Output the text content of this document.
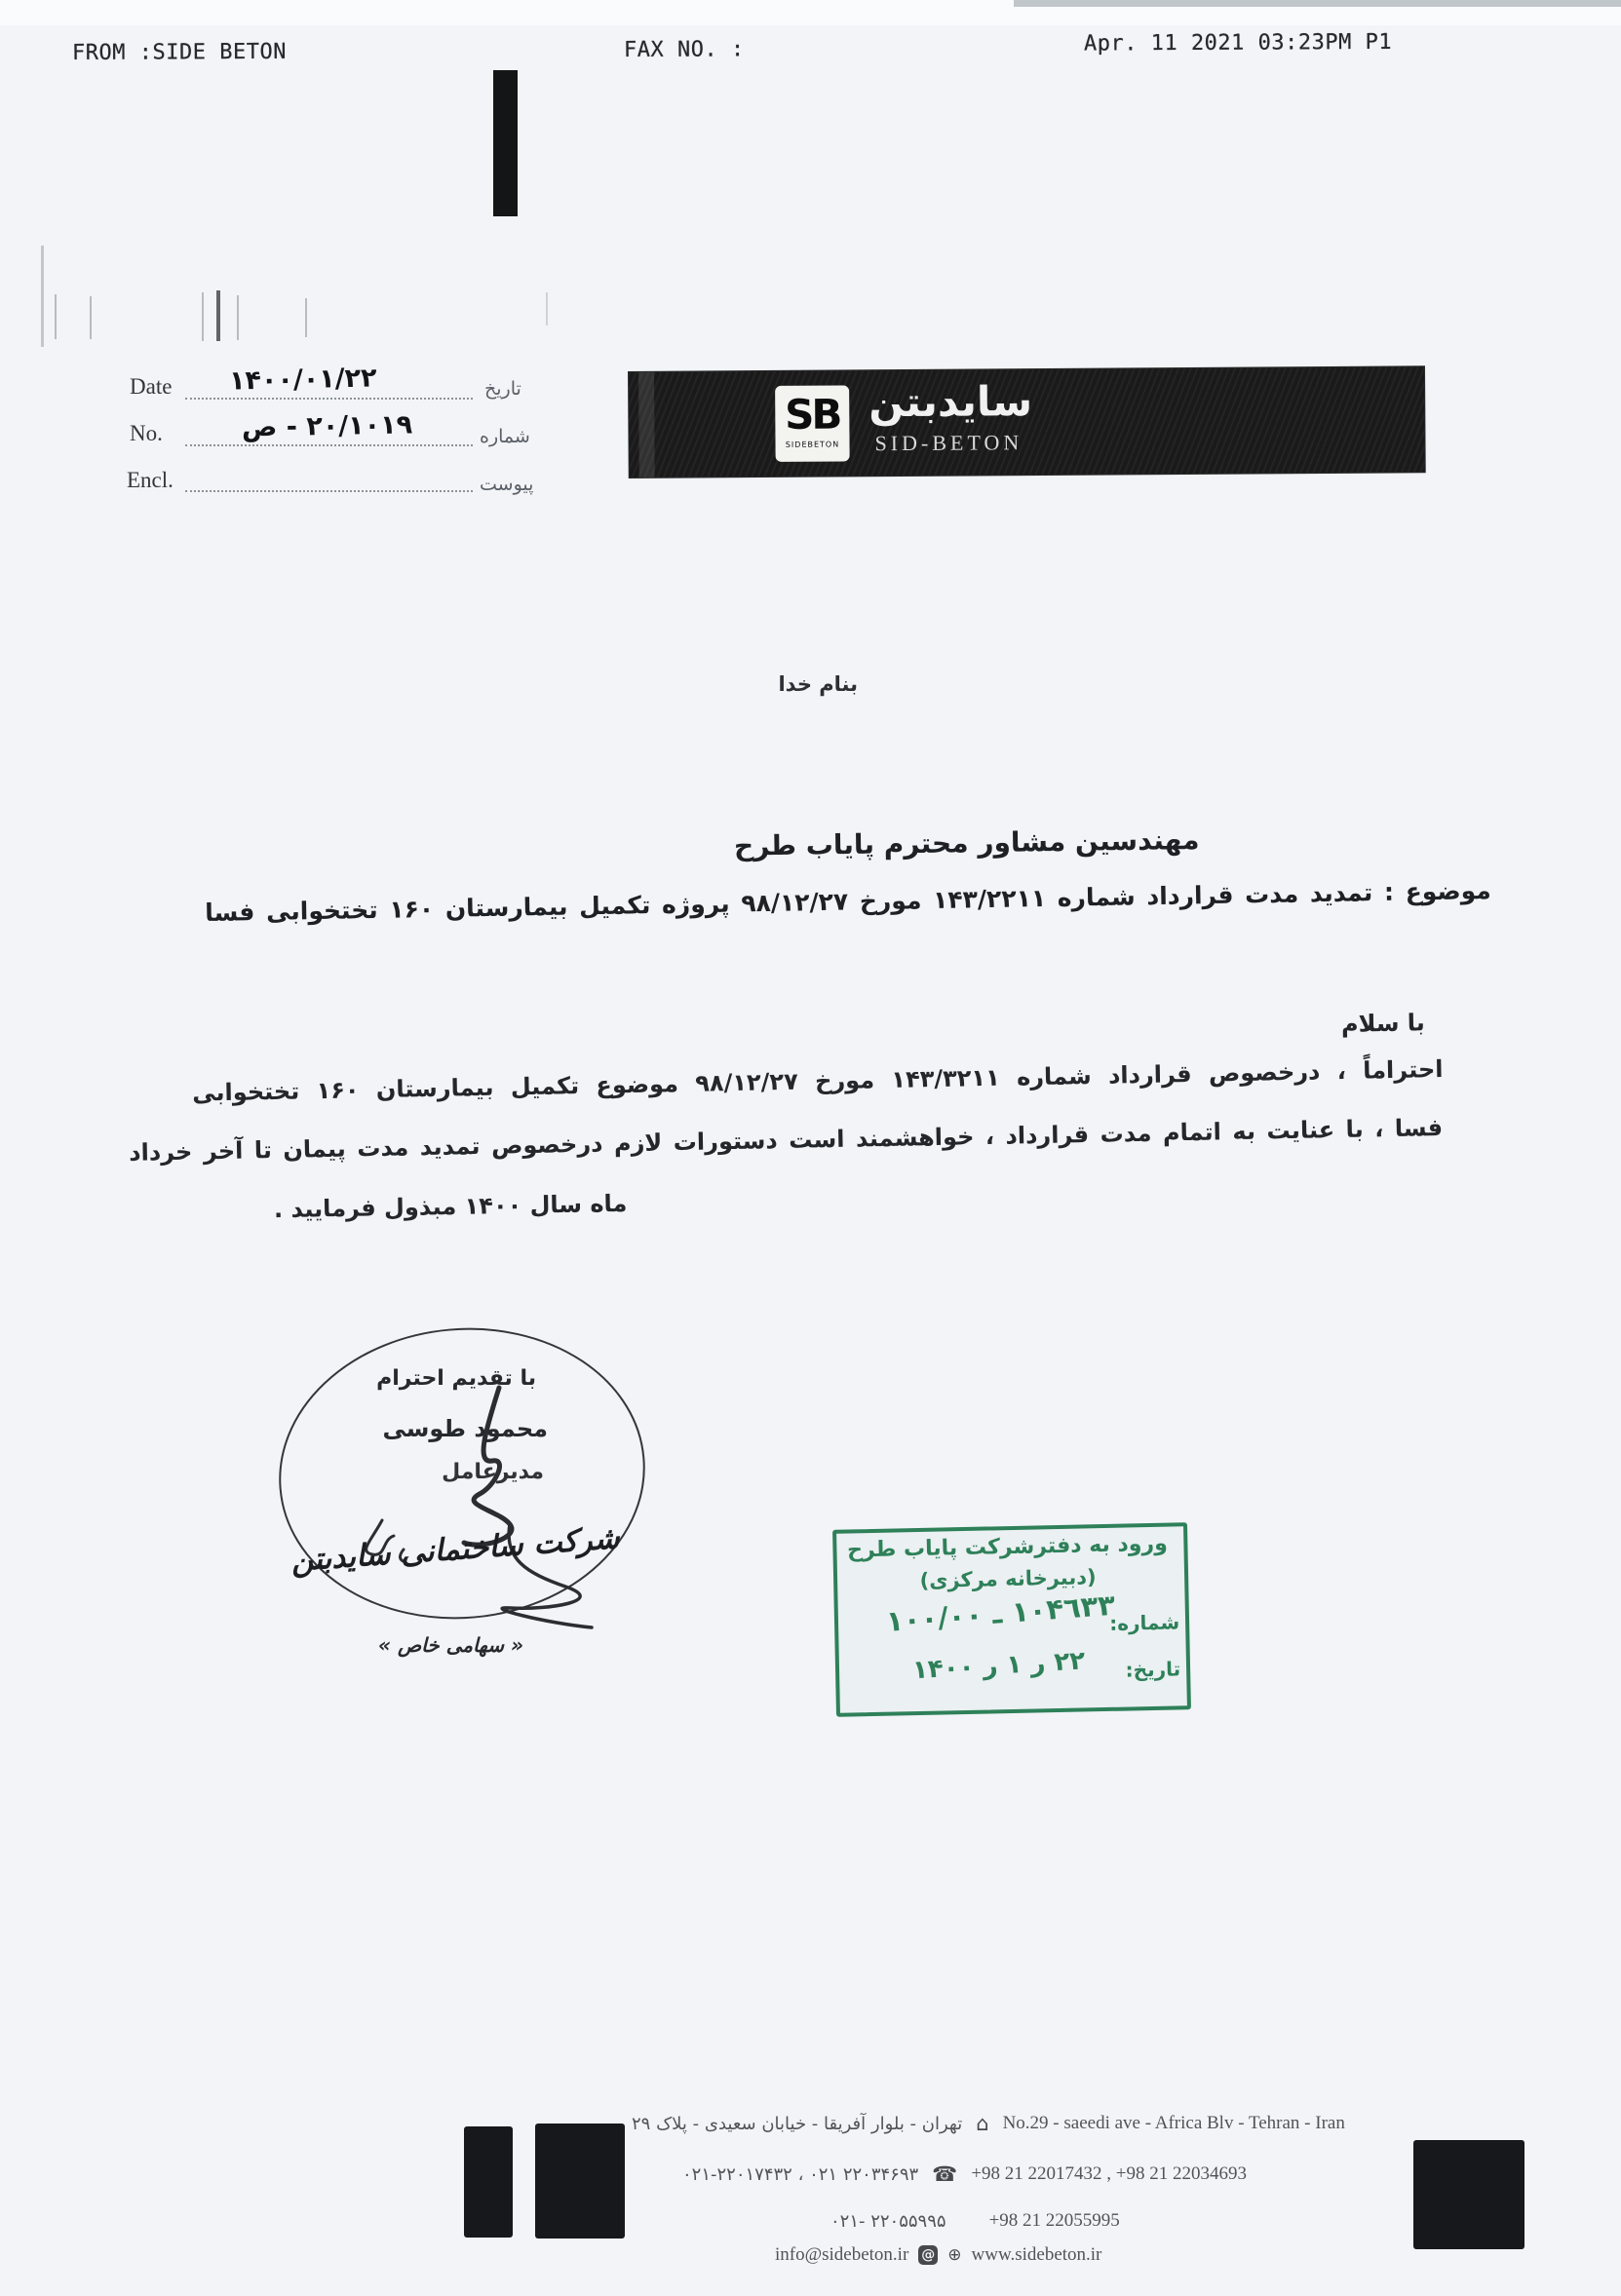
FROM :SIDE BETON	FAX NO. :	Apr. 11 2021 03:23PM P1
Date ۱۴۰۰/۰۱/۲۲	تاریخ
No.	۲۰/۱۰۱۹ - ص	شماره
Encl.	پیوست
SB
SIDEBETON
سایدبتن
SID-BETON
بنام خدا
مهندسین مشاور محترم پایاب طرح
موضوع : تمدید مدت قرارداد شماره ۱۴۳/۲۲۱۱ مورخ ۹۸/۱۲/۲۷ پروژه تکمیل بیمارستان ۱۶۰ تختخوابی فسا
با سلام
احتراماً ، درخصوص قرارداد شماره ۱۴۳/۳۲۱۱ مورخ ۹۸/۱۲/۲۷ موضوع تکمیل بیمارستان ۱۶۰ تختخوابی
فسا ، با عنایت به اتمام مدت قرارداد ، خواهشمند است دستورات لازم درخصوص تمدید مدت پیمان تا آخر خرداد
ماه سال ۱۴۰۰ مبذول فرمایید .
با تقدیم احترام
محمود طوسی
مدیرعامل
شرکت ساختمانی سایدبتن
« سهامی خاص »
ورود به دفترشرکت پایاب طرح
(دبیرخانه مرکزی)
شماره:
۱۰۴٦۳۳ ـ ۱۰۰/۰۰
تاریخ:
۲۲ ر ۱ ر ۱۴۰۰
تهران - بلوار آفریقا - خیابان سعیدی - پلاک ۲۹ ⌂ No.29 - saeedi ave - Africa Blv - Tehran - Iran
۰۲۱-۲۲۰۱۷۴۳۲ ، ۰۲۱ ۲۲۰۳۴۶۹۳ ☎ +98 21 22017432 , +98 21 22034693
۰۲۱- ۲۲۰۵۵۹۹۵ +98 21 22055995
info@sidebeton.ir @ ⊕ www.sidebeton.ir
